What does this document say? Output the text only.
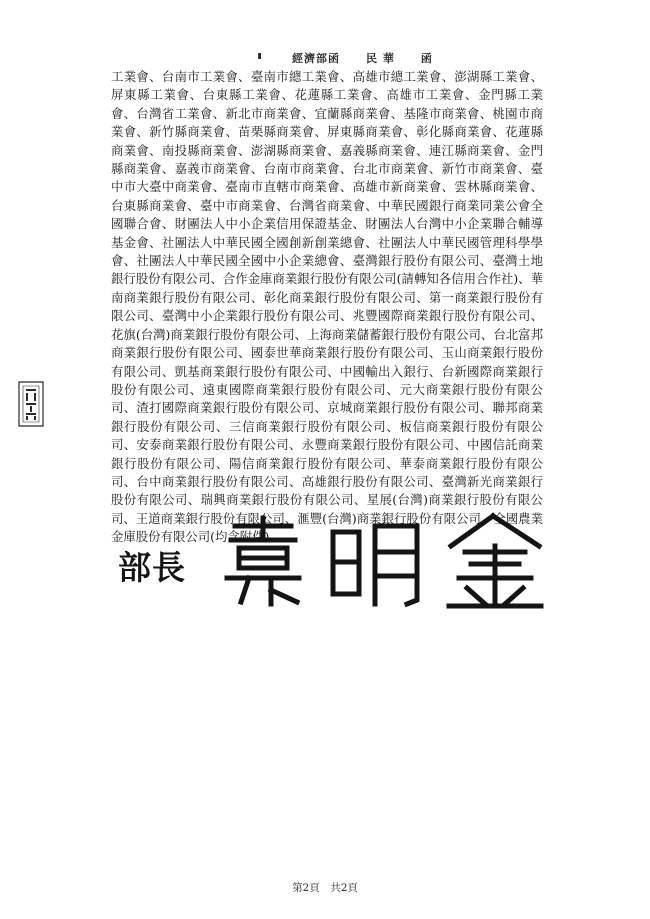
經濟部函 民 華 函
工業會、台南市工業會、臺南市總工業會、高雄市總工業會、澎湖縣工業會、屏東縣工業會、台東縣工業會、花蓮縣工業會、高雄市工業會、金門縣工業會、台灣省工業會、新北市商業會、宜蘭縣商業會、基隆市商業會、桃園市商業會、新竹縣商業會、苗栗縣商業會、屏東縣商業會、彰化縣商業會、花蓮縣商業會、南投縣商業會、澎湖縣商業會、嘉義縣商業會、連江縣商業會、金門縣商業會、嘉義市商業會、台南市商業會、台北市商業會、新竹市商業會、臺中市大臺中商業會、臺南市直轄市商業會、高雄市新商業會、雲林縣商業會、台東縣商業會、臺中市商業會、台灣省商業會、中華民國銀行商業同業公會全國聯合會、財團法人中小企業信用保證基金、財團法人台灣中小企業聯合輔導基金會、社團法人中華民國全國創新創業總會、社團法人中華民國管理科學學會、社團法人中華民國全國中小企業總會、臺灣銀行股份有限公司、臺灣土地銀行股份有限公司、合作金庫商業銀行股份有限公司(請轉知各信用合作社)、華南商業銀行股份有限公司、彰化商業銀行股份有限公司、第一商業銀行股份有限公司、臺灣中小企業銀行股份有限公司、兆豐國際商業銀行股份有限公司、花旗(台灣)商業銀行股份有限公司、上海商業儲蓄銀行股份有限公司、台北富邦商業銀行股份有限公司、國泰世華商業銀行股份有限公司、玉山商業銀行股份有限公司、凱基商業銀行股份有限公司、中國輸出入銀行、台新國際商業銀行股份有限公司、遠東國際商業銀行股份有限公司、元大商業銀行股份有限公司、渣打國際商業銀行股份有限公司、京城商業銀行股份有限公司、聯邦商業銀行股份有限公司、三信商業銀行股份有限公司、板信商業銀行股份有限公司、安泰商業銀行股份有限公司、永豐商業銀行股份有限公司、中國信託商業銀行股份有限公司、陽信商業銀行股份有限公司、華泰商業銀行股份有限公司、台中商業銀行股份有限公司、高雄銀行股份有限公司、臺灣新光商業銀行股份有限公司、瑞興商業銀行股份有限公司、星展(台灣)商業銀行股份有限公司、王道商業銀行股份有限公司、滙豐(台灣)商業銀行股份有限公司、全國農業金庫股份有限公司(均含附件)
部長
第2頁　共2頁
